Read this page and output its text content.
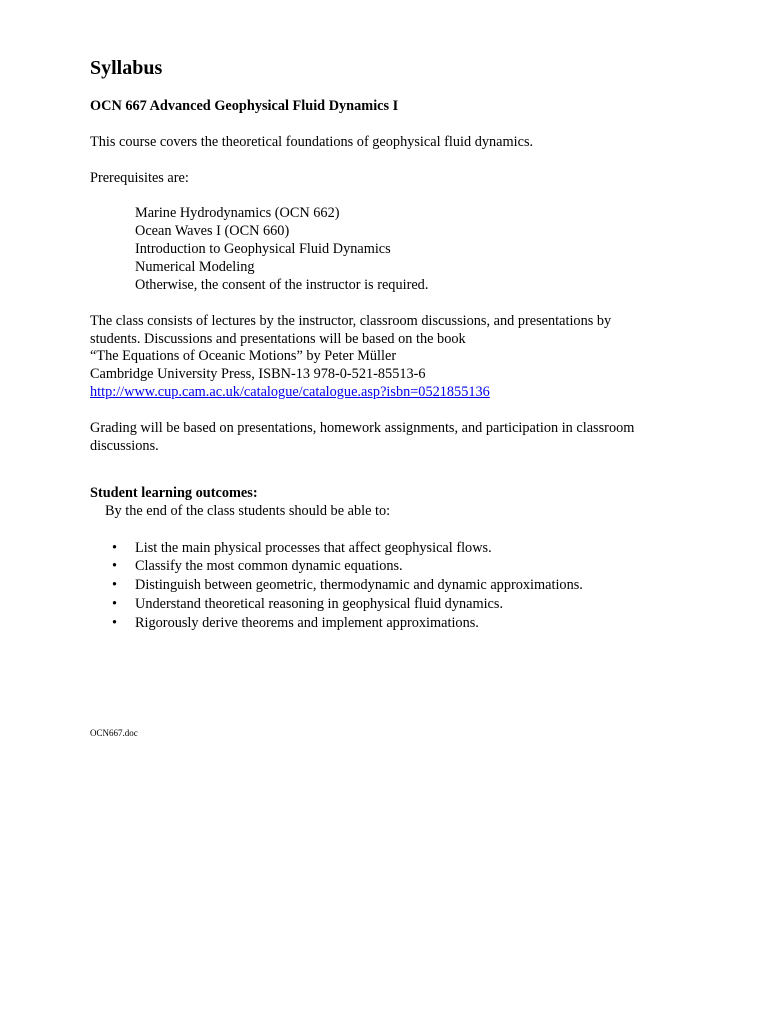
Syllabus

OCN 667 Advanced Geophysical Fluid Dynamics I

This course covers the theoretical foundations of geophysical fluid dynamics.

Prerequisites are:

Marine Hydrodynamics (OCN 662)

Ocean Waves I (OCN 660)

Introduction to Geophysical Fluid Dynamics

Numerical Modeling

Otherwise, the consent of the instructor is required.

The class consists of lectures by the instructor, classroom discussions, and presentations by

students. Discussions and presentations will be based on the book

“The Equations of Oceanic Motions” by Peter Müller

Cambridge University Press, ISBN-13 978-0-521-85513-6

http://www.cup.cam.ac.uk/catalogue/catalogue.asp?isbn=0521855136

Grading will be based on presentations, homework assignments, and participation in classroom

discussions.

Student learning outcomes:

By the end of the class students should be able to:

•	List the main physical processes that affect geophysical flows.
•	Classify the most common dynamic equations.
•	Distinguish between geometric, thermodynamic and dynamic approximations.
•	Understand theoretical reasoning in geophysical fluid dynamics.
•	Rigorously derive theorems and implement approximations.

OCN667.doc
